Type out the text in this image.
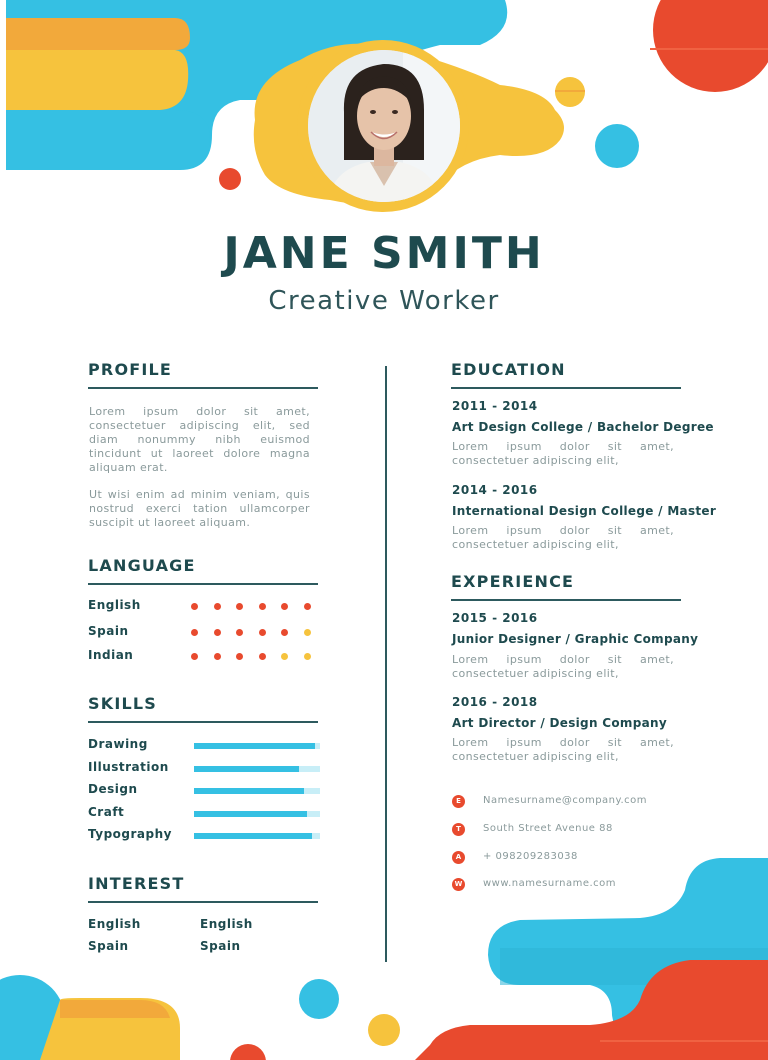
JANE SMITH
Creative Worker
PROFILE
Lorem ipsum dolor sit amet, consectetuer adipiscing elit, sed diam nonummy nibh euismod tincidunt ut laoreet dolore magna aliquam erat.
Ut wisi enim ad minim veniam, quis nostrud exerci tation ullamcorper suscipit ut laoreet aliquam.
LANGUAGE
English
Spain
Indian
SKILLS
Drawing
Illustration
Design
Craft
Typography
INTEREST
English	English
Spain	Spain
EDUCATION
2011 - 2014
Art Design College / Bachelor Degree
Lorem ipsum dolor sit amet, consectetuer adipiscing elit,
2014 - 2016
International Design College / Master
Lorem ipsum dolor sit amet, consectetuer adipiscing elit,
EXPERIENCE
2015 - 2016
Junior Designer / Graphic Company
Lorem ipsum dolor sit amet, consectetuer adipiscing elit,
2016 - 2018
Art Director / Design Company
Lorem ipsum dolor sit amet, consectetuer adipiscing elit,
E	Namesurname@company.com
T	South Street Avenue 88
A	+ 098209283038
W www.namesurname.com
